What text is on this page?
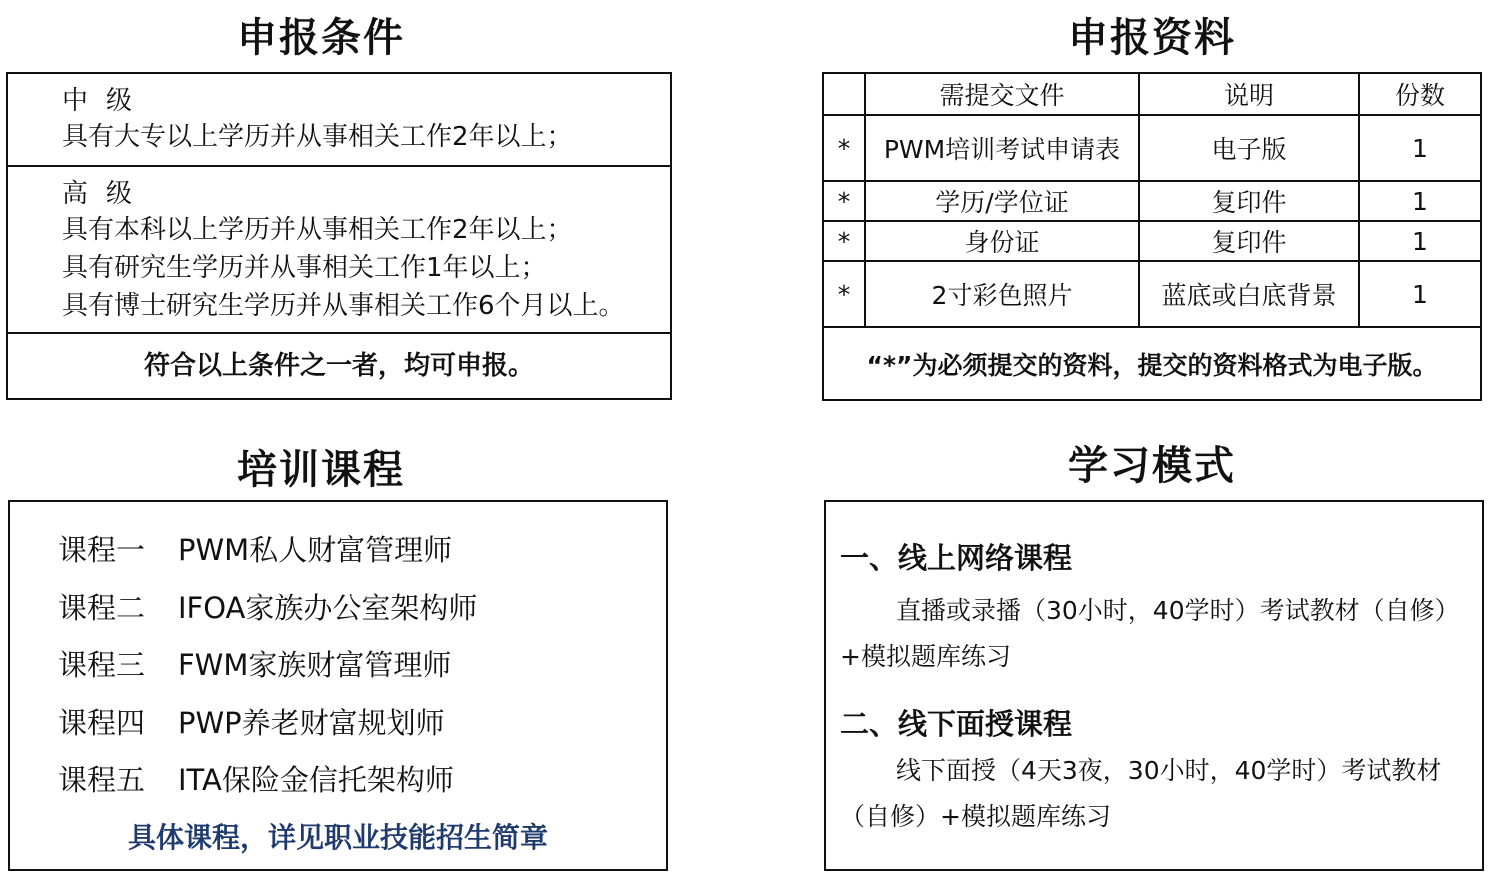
申报条件	申报资料
培训课程	学习模式
中级
具有大专以上学历并从事相关工作2年以上；
高级
具有本科以上学历并从事相关工作2年以上；
具有研究生学历并从事相关工作1年以上；
具有博士研究生学历并从事相关工作6个月以上。
符合以上条件之一者，均可申报。
	需提交文件	说明	份数
*	PWM培训考试申请表	电子版	1
*	学历/学位证	复印件	1
*	身份证	复印件	1
*	2寸彩色照片	蓝底或白底背景	1
“*”为必须提交的资料，提交的资料格式为电子版。			
课程一 PWM私人财富管理师
课程二 IFOA家族办公室架构师
课程三 FWM家族财富管理师
课程四 PWP养老财富规划师
课程五 ITA保险金信托架构师
具体课程，详见职业技能招生简章
一、线上网络课程
直播或录播（30小时，40学时）考试教材（自修）+模拟题库练习
二、线下面授课程
线下面授（4天3夜，30小时，40学时）考试教材（自修）+模拟题库练习
